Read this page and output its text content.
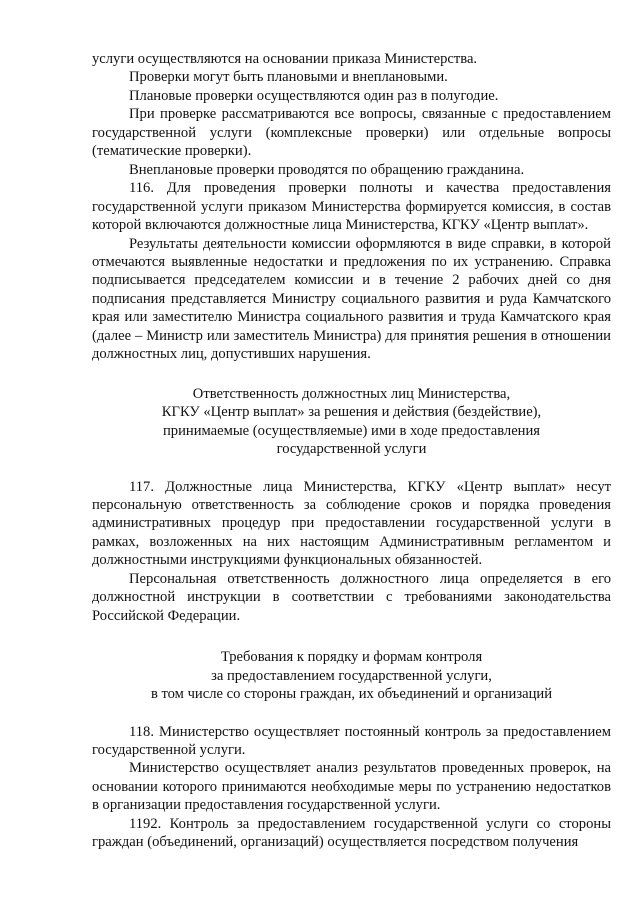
услуги осуществляются на основании приказа Министерства.

Проверки могут быть плановыми и внеплановыми.

Плановые проверки осуществляются один раз в полугодие.

При проверке рассматриваются все вопросы, связанные с предоставлением государственной услуги (комплексные проверки) или отдельные вопросы (тематические проверки).

Внеплановые проверки проводятся по обращению гражданина.

116. Для проведения проверки полноты и качества предоставления государственной услуги приказом Министерства формируется комиссия, в состав которой включаются должностные лица Министерства, КГКУ «Центр выплат».

Результаты деятельности комиссии оформляются в виде справки, в которой отмечаются выявленные недостатки и предложения по их устранению. Справка подписывается председателем комиссии и в течение 2 рабочих дней со дня подписания представляется Министру социального развития и руда Камчатского края или заместителю Министра социального развития и труда Камчатского края (далее – Министр или заместитель Министра) для принятия решения в отношении должностных лиц, допустивших нарушения.

Ответственность должностных лиц Министерства,

КГКУ «Центр выплат» за решения и действия (бездействие),

принимаемые (осуществляемые) ими в ходе предоставления

государственной услуги

117. Должностные лица Министерства, КГКУ «Центр выплат» несут персональную ответственность за соблюдение сроков и порядка проведения административных процедур при предоставлении государственной услуги в рамках, возложенных на них настоящим Административным регламентом и должностными инструкциями функциональных обязанностей.

Персональная ответственность должностного лица определяется в его должностной инструкции в соответствии с требованиями законодательства Российской Федерации.

Требования к порядку и формам контроля

за предоставлением государственной услуги,

в том числе со стороны граждан, их объединений и организаций

118. Министерство осуществляет постоянный контроль за предоставлением государственной услуги.

Министерство осуществляет анализ результатов проведенных проверок, на основании которого принимаются необходимые меры по устранению недостатков в организации предоставления государственной услуги.

1192. Контроль за предоставлением государственной услуги со стороны граждан (объединений, организаций) осуществляется посредством получения
